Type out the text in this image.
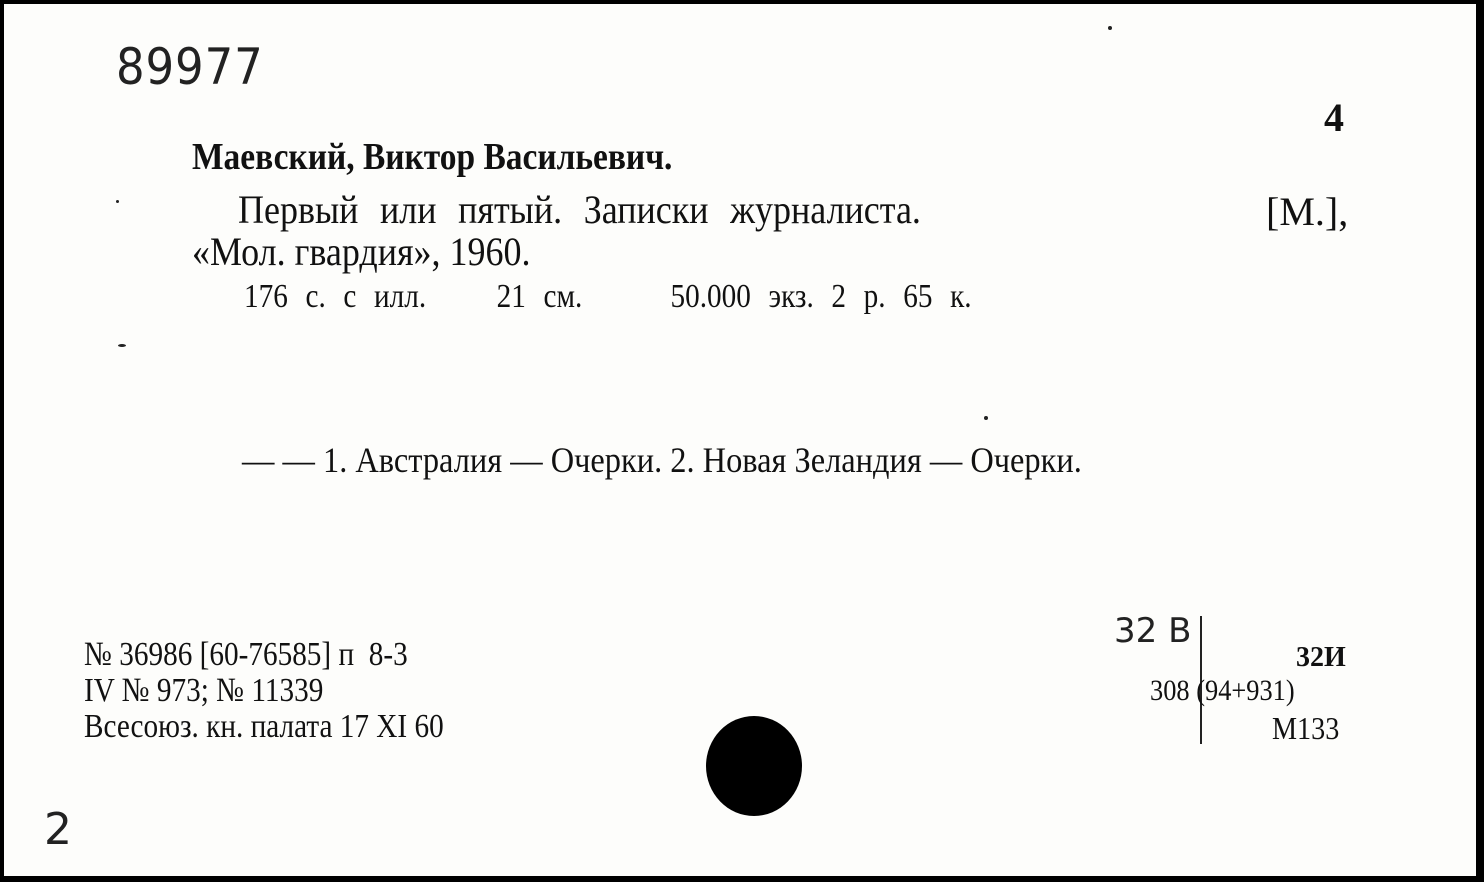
89977
4
Маевский, Виктор Васильевич.
Первый или пятый. Записки журналиста.	[М.],
«Мол. гвардия», 1960.
176 с. с илл.    21 см.     50.000 экз. 2 р. 65 к.
— — 1. Австралия — Очерки. 2. Новая Зеландия — Очерки.
№ 36986 [60-76585] п  8-3
IV № 973; № 11339
Всесоюз. кн. палата 17 XI 60
32 В
32И
308 (94+931)
М133
2
